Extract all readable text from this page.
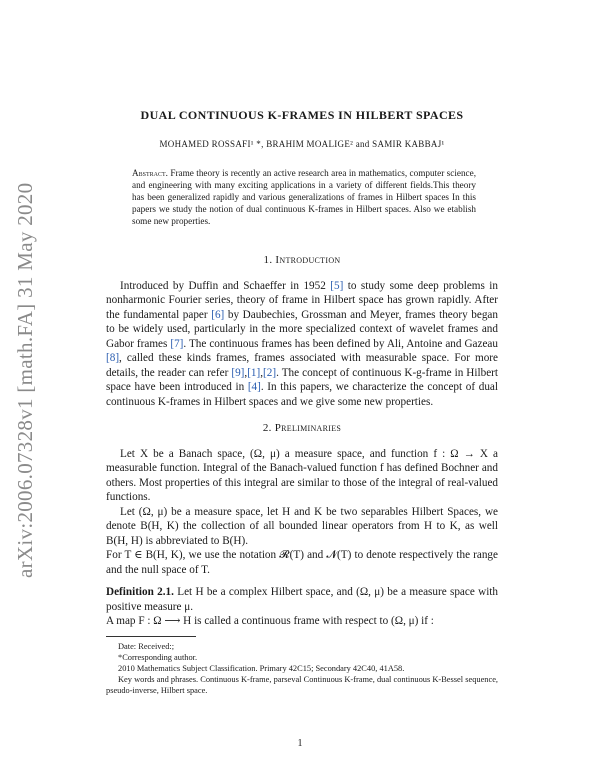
arXiv:2006.07328v1 [math.FA] 31 May 2020
DUAL CONTINUOUS K-FRAMES IN HILBERT SPACES
MOHAMED ROSSAFI¹ *, BRAHIM MOALIGE² and SAMIR KABBAJ¹
Abstract. Frame theory is recently an active research area in mathematics, computer science, and engineering with many exciting applications in a variety of different fields.This theory has been generalized rapidly and various generalizations of frames in Hilbert spaces In this papers we study the notion of dual continuous K-frames in Hilbert spaces. Also we etablish some new properties.
1. Introduction

Introduced by Duffin and Schaeffer in 1952 [5] to study some deep problems in nonharmonic Fourier series, theory of frame in Hilbert space has grown rapidly. After the fundamental paper [6] by Daubechies, Grossman and Meyer, frames theory began to be widely used, particularly in the more specialized context of wavelet frames and Gabor frames [7]. The continuous frames has been defined by Ali, Antoine and Gazeau [8], called these kinds frames, frames associated with measurable space. For more details, the reader can refer [9],[1],[2]. The concept of continuous K-g-frame in Hilbert space have been introduced in [4]. In this papers, we characterize the concept of dual continuous K-frames in Hilbert spaces and we give some new properties.

2. Preliminaries

Let X be a Banach space, (Ω, μ) a measure space, and function f : Ω → X a measurable function. Integral of the Banach-valued function f has defined Bochner and others. Most properties of this integral are similar to those of the integral of real-valued functions.

Let (Ω, μ) be a measure space, let H and K be two separables Hilbert Spaces, we denote B(H, K) the collection of all bounded linear operators from H to K, as well B(H, H) is abbreviated to B(H).

For T ∈ B(H, K), we use the notation 𝓡(T) and 𝓝(T) to denote respectively the range and the null space of T.

Definition 2.1. Let H be a complex Hilbert space, and (Ω, μ) be a measure space with positive measure μ.

A map F : Ω ⟶ H is called a continuous frame with respect to (Ω, μ) if :

Date: Received:;

*Corresponding author.

2010 Mathematics Subject Classification. Primary 42C15; Secondary 42C40, 41A58.

Key words and phrases. Continuous K-frame, parseval Continuous K-frame, dual continuous K-Bessel sequence, pseudo-inverse, Hilbert space.

1
